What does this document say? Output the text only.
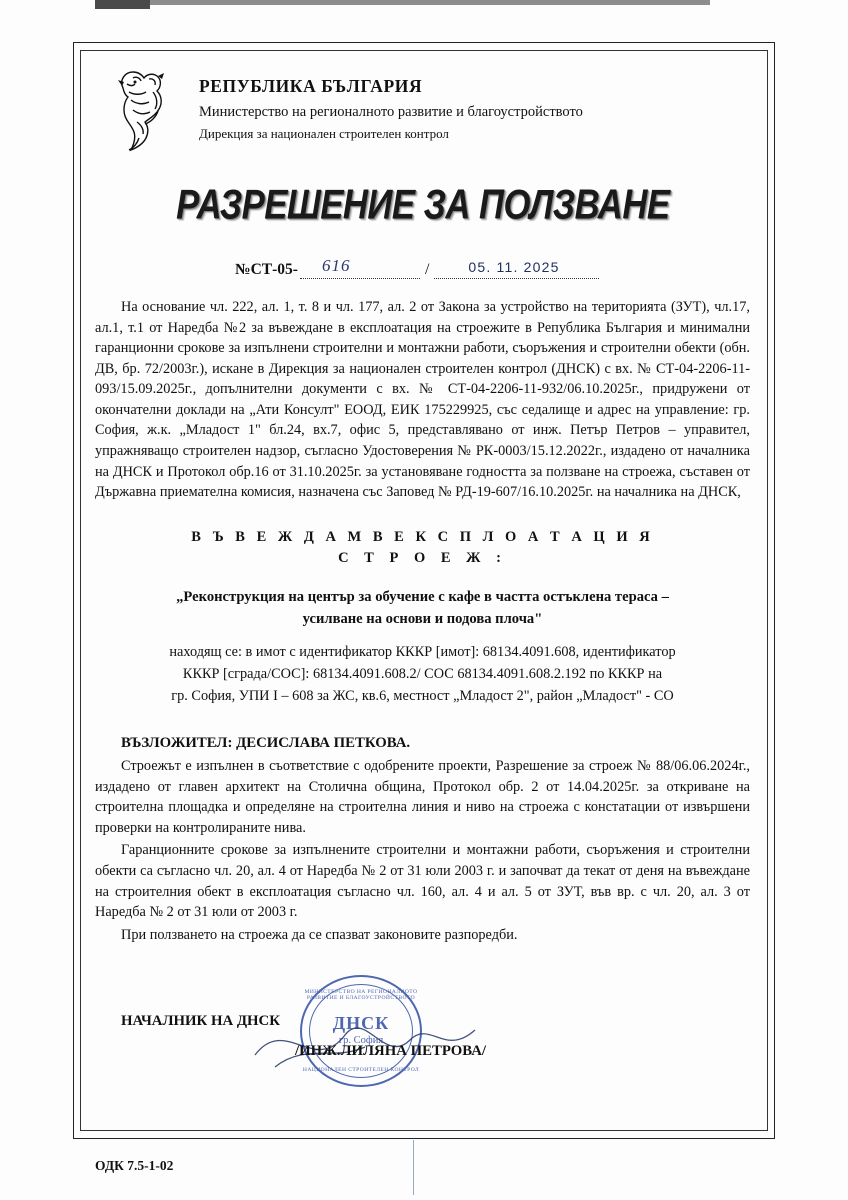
РЕПУБЛИКА БЪЛГАРИЯ
Министерство на регионалното развитие и благоустройството
Дирекция за национален строителен контрол
РАЗРЕШЕНИЕ ЗА ПОЛЗВАНЕ
№СТ-05- 616	/	05. 11. 2025

На основание чл. 222, ал. 1, т. 8 и чл. 177, ал. 2 от Закона за устройство на територията (ЗУТ), чл.17, ал.1, т.1 от Наредба №2 за въвеждане в експлоатация на строежите в Република България и минимални гаранционни срокове за изпълнени строителни и монтажни работи, съоръжения и строителни обекти (обн. ДВ, бр. 72/2003г.), искане в Дирекция за национален строителен контрол (ДНСК) с вх. № СТ-04-2206-11-093/15.09.2025г., допълнителни документи с вх. № СТ-04-2206-11-932/06.10.2025г., придружени от окончателни доклади на „Ати Консулт" ЕООД, ЕИК 175229925, със седалище и адрес на управление: гр. София, ж.к. „Младост 1" бл.24, вх.7, офис 5, представлявано от инж. Петър Петров – управител, упражняващо строителен надзор, съгласно Удостоверения № РК-0003/15.12.2022г., издадено от началника на ДНСК и Протокол обр.16 от 31.10.2025г. за установяване годността за ползване на строежа, съставен от Държавна приемателна комисия, назначена със Заповед № РД-19-607/16.10.2025г. на началника на ДНСК,

В Ъ В Е Ж Д А М В Е К С П Л О А Т А Ц И Я
С Т Р О Е Ж :
„Реконструкция на център за обучение с кафе в частта остъклена тераса –
усилване на основи и подова плоча"
находящ се: в имот с идентификатор КККР [имот]: 68134.4091.608, идентификатор
КККР [сграда/СОС]: 68134.4091.608.2/ СОС 68134.4091.608.2.192 по КККР на
гр. София, УПИ I – 608 за ЖС, кв.6, местност „Младост 2", район „Младост" - СО
ВЪЗЛОЖИТЕЛ: ДЕСИСЛАВА ПЕТКОВА.

Строежът е изпълнен в съответствие с одобрените проекти, Разрешение за строеж № 88/06.06.2024г., издадено от главен архитект на Столична община, Протокол обр. 2 от 14.04.2025г. за откриване на строителна площадка и определяне на строителна линия и ниво на строежа с констатации от извършени проверки на контролираните нива.

Гаранционните срокове за изпълнените строителни и монтажни работи, съоръжения и строителни обекти са съгласно чл. 20, ал. 4 от Наредба № 2 от 31 юли 2003 г. и започват да текат от деня на въвеждане на строителния обект в експлоатация съгласно чл. 160, ал. 4 и ал. 5 от ЗУТ, във вр. с чл. 20, ал. 3 от Наредба № 2 от 31 юли от 2003 г.

При ползването на строежа да се спазват законовите разпоредби.

НАЧАЛНИК НА ДНСК
МИНИСТЕРСТВО НА РЕГИОНАЛНОТО РАЗВИТИЕ И БЛАГОУСТРОЙСТВОТО
ДНСК
гр. София
НАЦИОНАЛЕН СТРОИТЕЛЕН КОНТРОЛ
/ИНЖ.ЛИЛЯНА ПЕТРОВА/
ОДК 7.5-1-02
